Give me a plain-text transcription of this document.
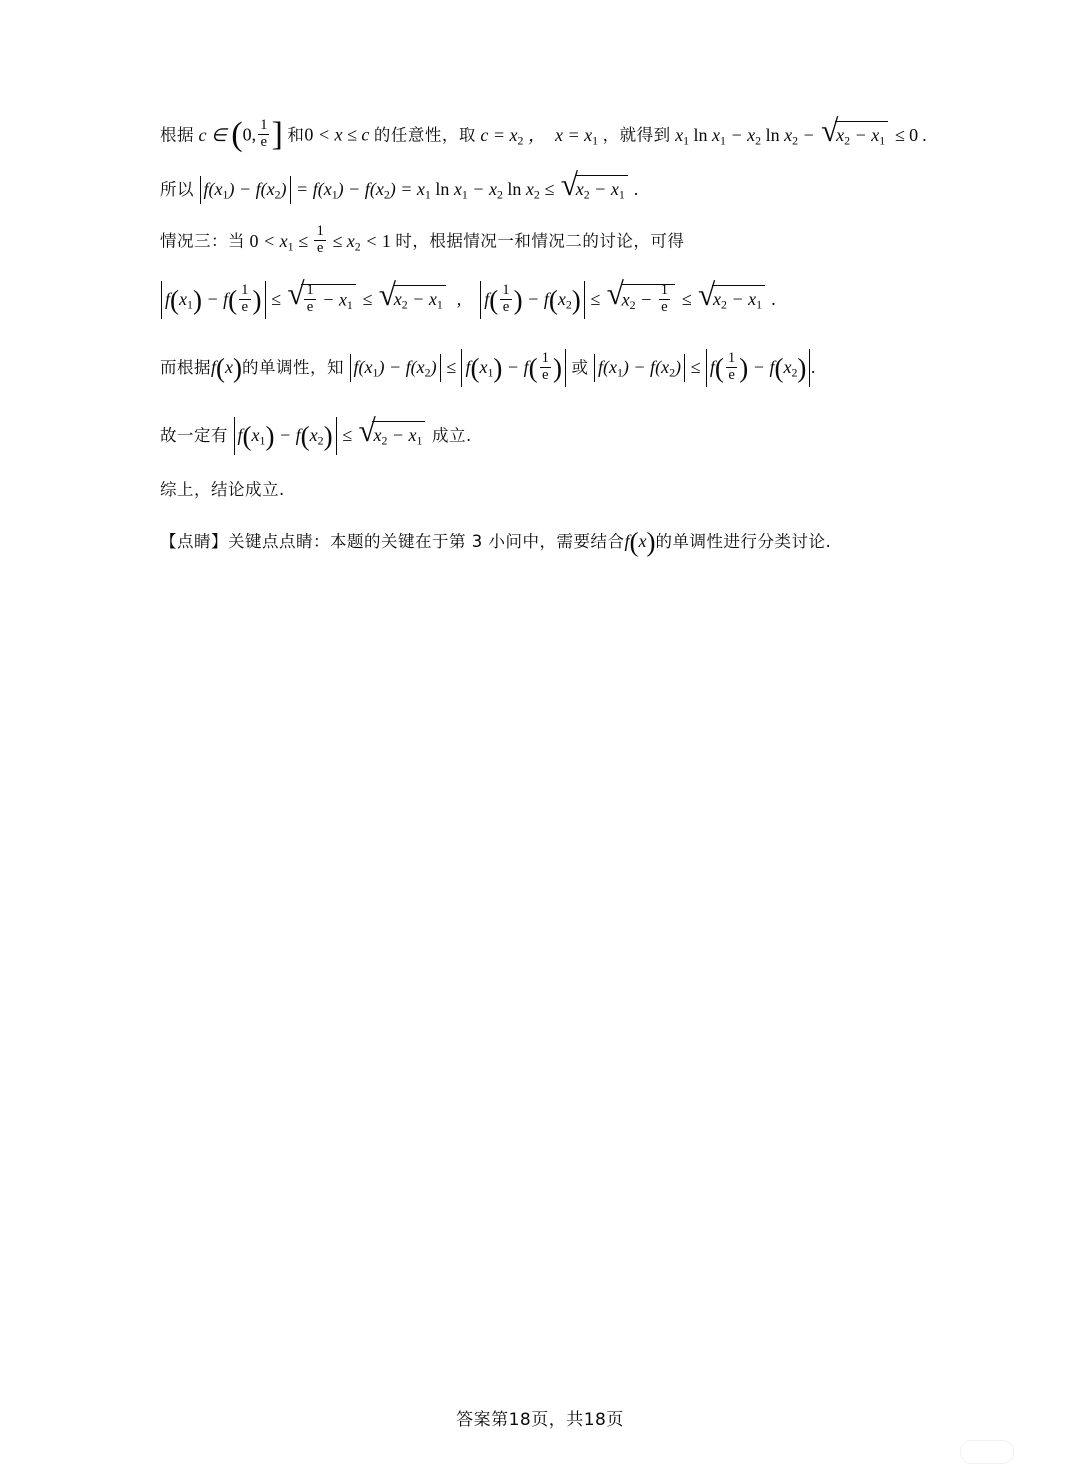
根据 c ∈ (0, $\frac{1}{e}$ ] 和0 < x ≤ c 的任意性，取 c = x2 ，  x = x1 ，就得到 x1 ln x1 − x2 ln x2 − √ x2 − x1 ≤ 0 .
所以 f(x1) − f(x2) = f(x1) − f(x2) = x1 ln x1 − x2 ln x2 ≤ √ x2 − x1 .
情况三：当 $0 < x1 \le \frac{1}{e} \le x2 < 1$ 时，根据情况一和情况二的讨论，可得
$f(x1) - f( \frac{1}{e}$ ) ≤ √ $\frac{1}{e} - x1$ ≤ √ x2 − x1  ,    $f( \frac{1}{e}$ ) − f(x2) ≤ √ $x2 - \frac{1}{e}$ ≤ √ x2 − x1 .
而根据f(x)的单调性，知 $f(x1) - f(x2) \le f(x1) - f( \frac{1}{e}$ ) 或 $f(x1) - f(x2) \le f( \frac{1}{e}$ ) − f(x2) .
故一定有 f(x1) − f(x2) ≤ √ x2 − x1 成立.
综上，结论成立.
【点睛】关键点点睛：本题的关键在于第 3 小问中，需要结合f(x)的单调性进行分类讨论.
答案第18页，共18页
